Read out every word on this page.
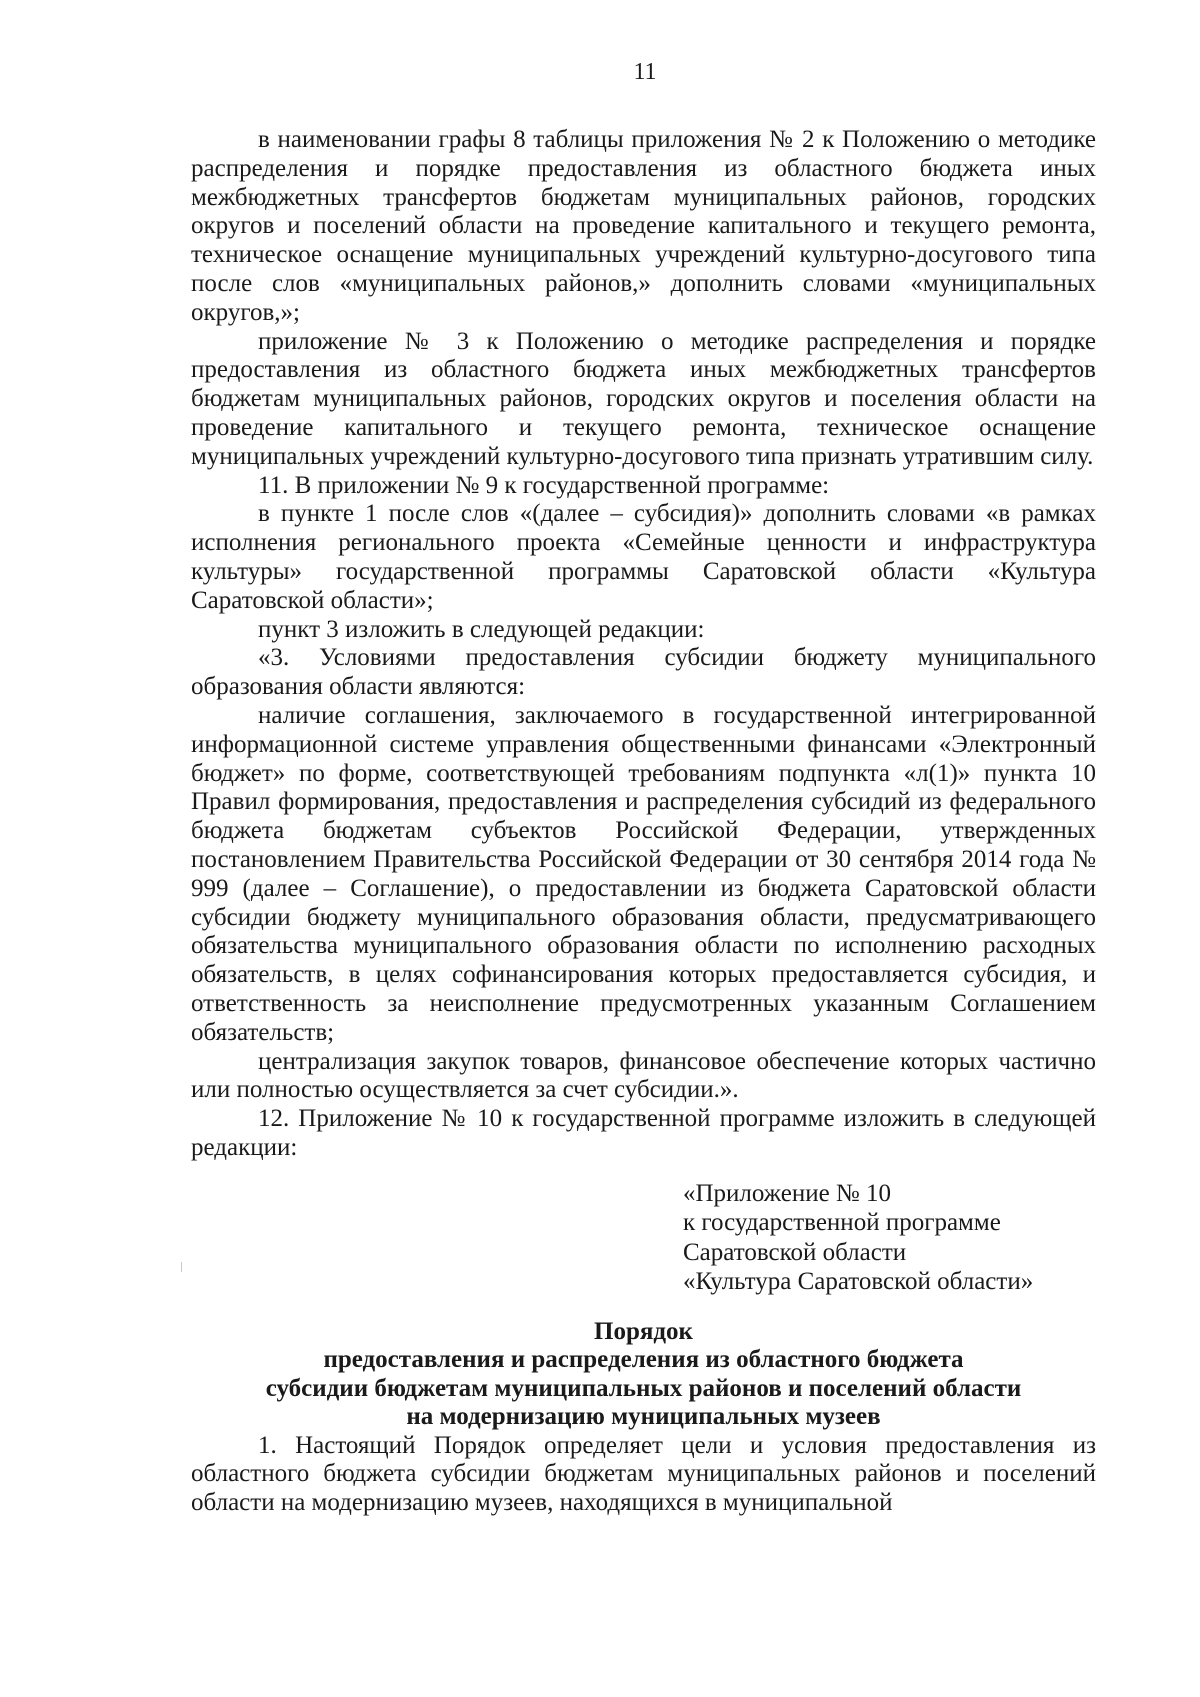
11

в наименовании графы 8 таблицы приложения № 2 к Положению о методике распределения и порядке предоставления из областного бюджета иных межбюджетных трансфертов бюджетам муниципальных районов, городских округов и поселений области на проведение капитального и текущего ремонта, техническое оснащение муниципальных учреждений культурно-досугового типа после слов «муниципальных районов,» дополнить словами «муниципальных округов,»;

приложение № 3 к Положению о методике распределения и порядке предоставления из областного бюджета иных межбюджетных трансфертов бюджетам муниципальных районов, городских округов и поселения области на проведение капитального и текущего ремонта, техническое оснащение муниципальных учреждений культурно-досугового типа признать утратившим силу.

11. В приложении № 9 к государственной программе:

в пункте 1 после слов «(далее – субсидия)» дополнить словами «в рамках исполнения регионального проекта «Семейные ценности и инфраструктура культуры» государственной программы Саратовской области «Культура Саратовской области»;

пункт 3 изложить в следующей редакции:

«3. Условиями предоставления субсидии бюджету муниципального образования области являются:

наличие соглашения, заключаемого в государственной интегрированной информационной системе управления общественными финансами «Электронный бюджет» по форме, соответствующей требованиям подпункта «л(1)» пункта 10 Правил формирования, предоставления и распределения субсидий из федерального бюджета бюджетам субъектов Российской Федерации, утвержденных постановлением Правительства Российской Федерации от 30 сентября 2014 года № 999 (далее – Соглашение), о предоставлении из бюджета Саратовской области субсидии бюджету муниципального образования области, предусматривающего обязательства муниципального образования области по исполнению расходных обязательств, в целях софинансирования которых предоставляется субсидия, и ответственность за неисполнение предусмотренных указанным Соглашением обязательств;

централизация закупок товаров, финансовое обеспечение которых частично или полностью осуществляется за счет субсидии.».

12. Приложение № 10 к государственной программе изложить в следующей редакции:

«Приложение № 10
к государственной программе
Саратовской области
«Культура Саратовской области»
Порядок
предоставления и распределения из областного бюджета
субсидии бюджетам муниципальных районов и поселений области
на модернизацию муниципальных музеев

1. Настоящий Порядок определяет цели и условия предоставления из областного бюджета субсидии бюджетам муниципальных районов и поселений области на модернизацию музеев, находящихся в муниципальной
